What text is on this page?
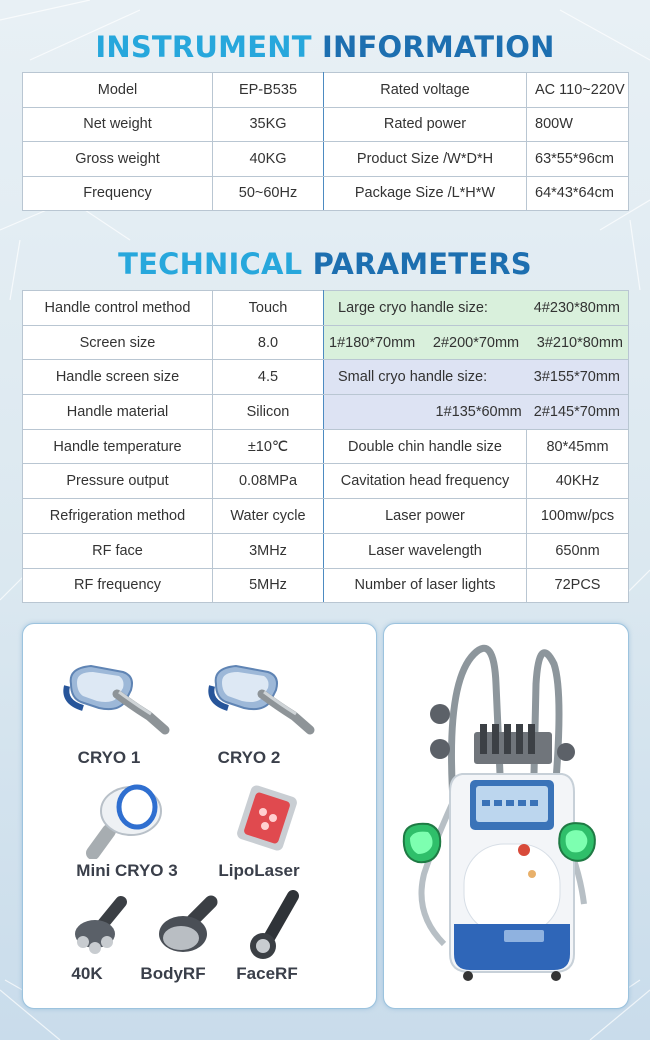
INSTRUMENT INFORMATION
Model	EP-B535	Rated voltage	AC 110~220V
Net weight	35KG	Rated power	800W
Gross weight	40KG	Product Size /W*D*H	63*55*96cm
Frequency	50~60Hz	Package Size /L*H*W	64*43*64cm
TECHNICAL PARAMETERS
Handle control method	Touch	Large cryo handle size: 4#230*80mm	

Screen size	8.0	1#180*70mm 2#200*70mm 3#210*80mm	

Handle screen size	4.5	Small cryo handle size: 3#155*70mm	

Handle material	Silicon	1#135*60mm 2#145*70mm	

Handle temperature	±10℃	Double chin handle size	80*45mm
Pressure output	0.08MPa	Cavitation head frequency	40KHz
Refrigeration method	Water cycle	Laser power	100mw/pcs
RF face	3MHz	Laser wavelength	650nm
RF frequency	5MHz	Number of laser lights	72PCS
CRYO 1	CRYO 2
Mini CRYO 3 LipoLaser
40K BodyRF FaceRF
